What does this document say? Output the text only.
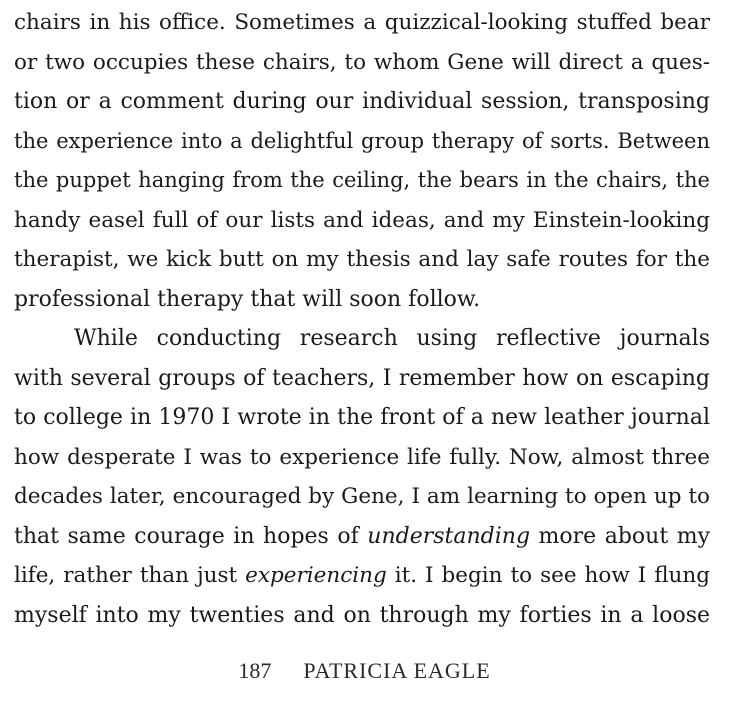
chairs in his office. Sometimes a quizzical-looking stuffed bear
or two occupies these chairs, to whom Gene will direct a ques-
tion or a comment during our individual session, transposing
the experience into a delightful group therapy of sorts. Between
the puppet hanging from the ceiling, the bears in the chairs, the
handy easel full of our lists and ideas, and my Einstein-looking
therapist, we kick butt on my thesis and lay safe routes for the
professional therapy that will soon follow.
While conducting research using reflective journals
with several groups of teachers, I remember how on escaping
to college in 1970 I wrote in the front of a new leather journal
how desperate I was to experience life fully. Now, almost three
decades later, encouraged by Gene, I am learning to open up to
that same courage in hopes of understanding more about my
life, rather than just experiencing it. I begin to see how I flung
myself into my twenties and on through my forties in a loose
187 PATRICIA EAGLE
